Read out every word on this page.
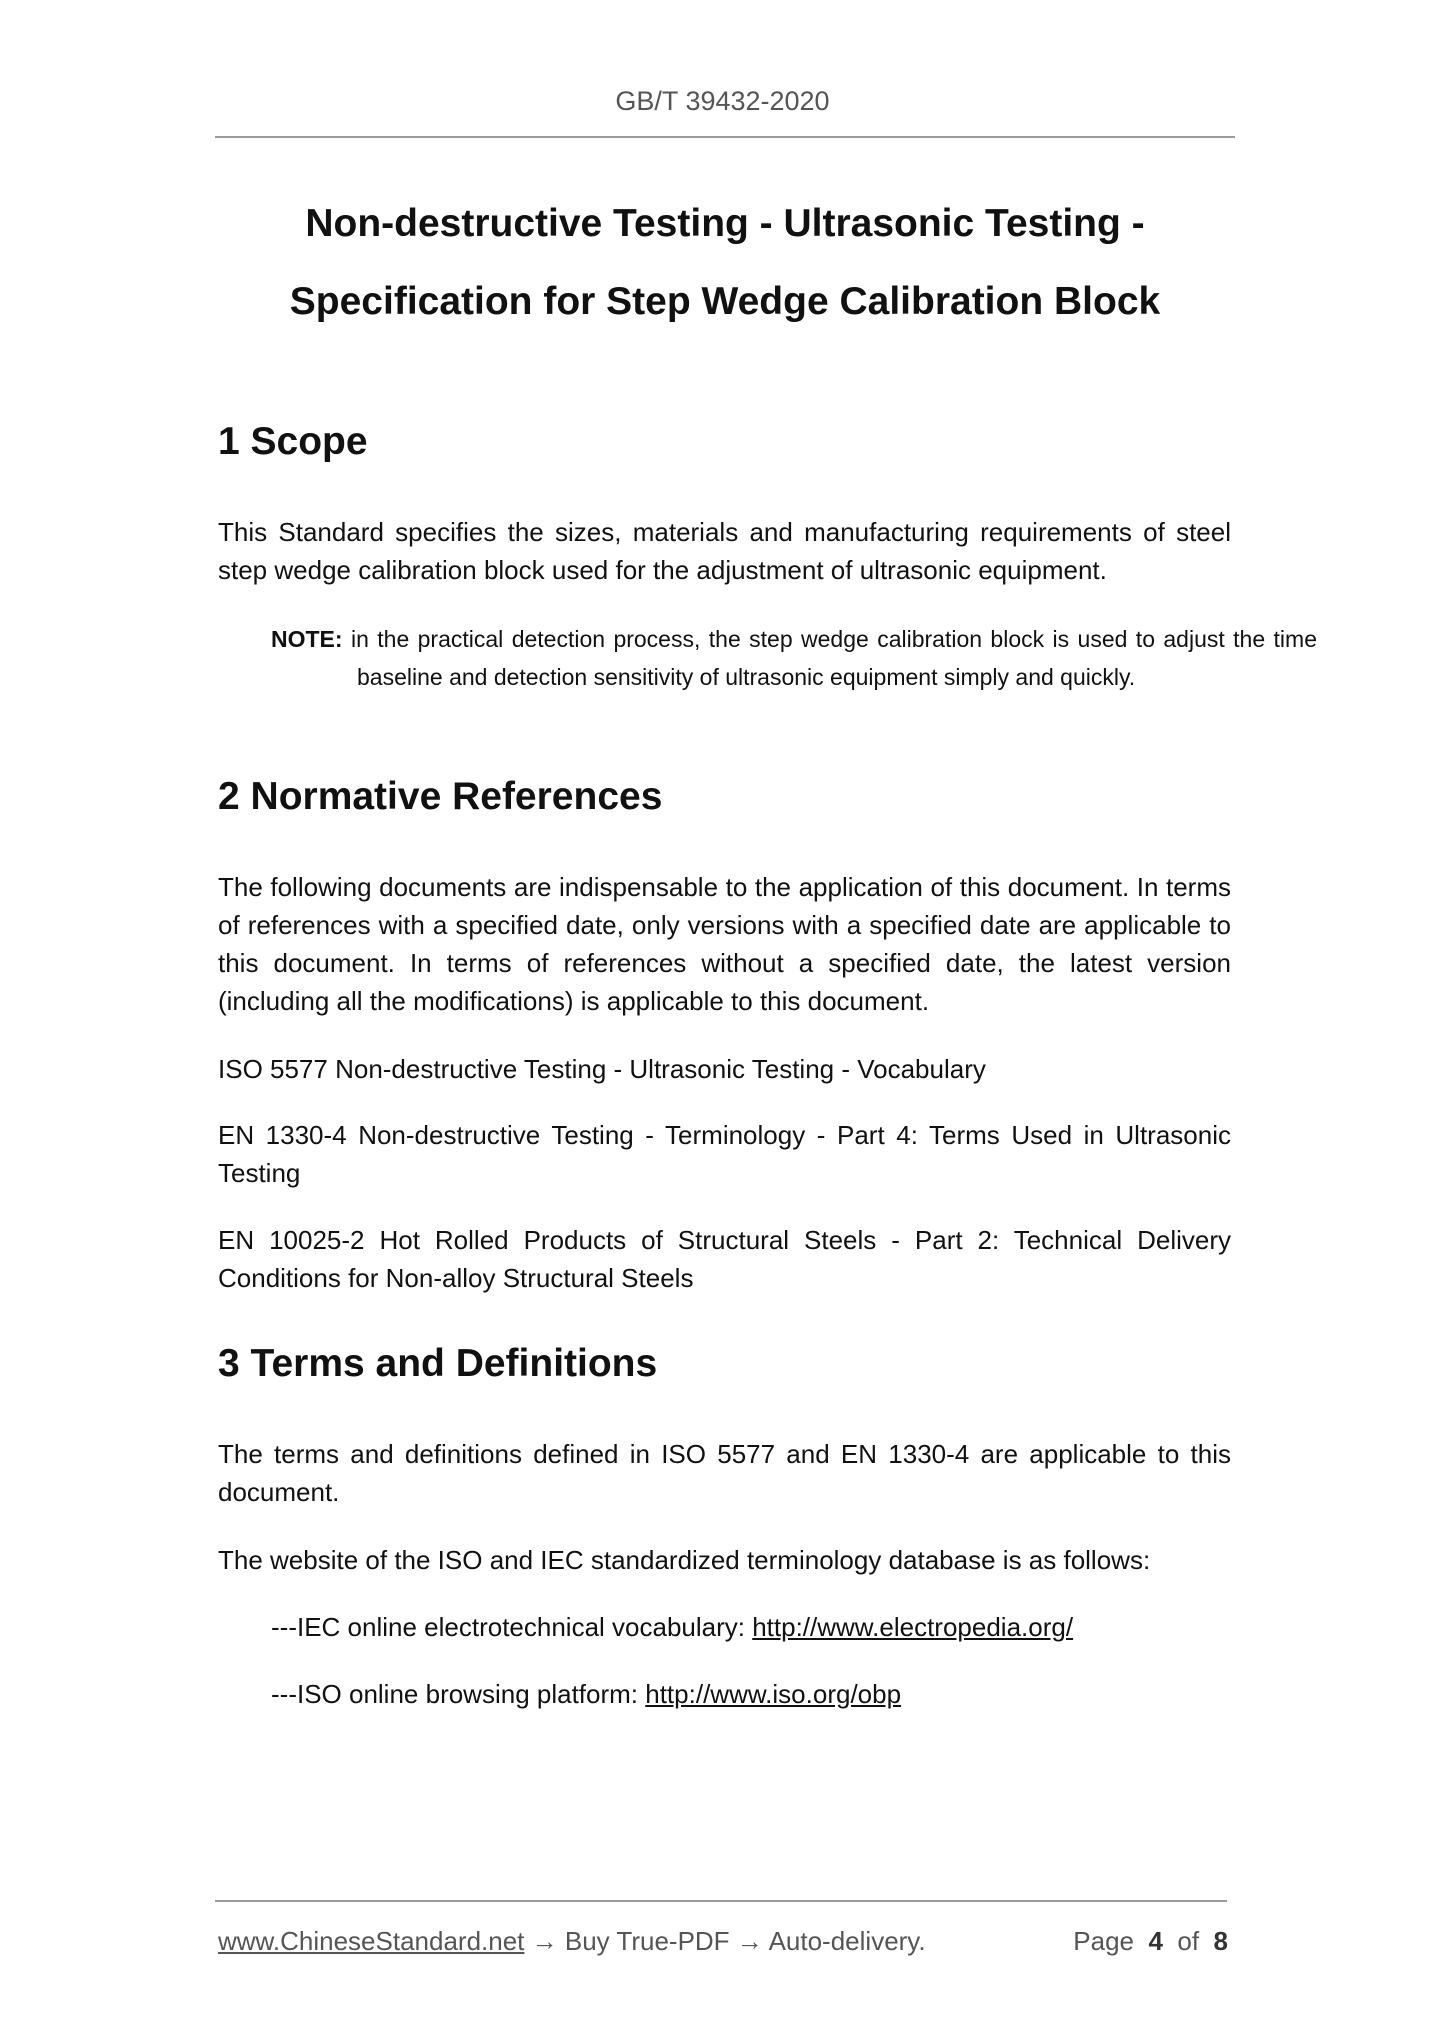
GB/T 39432-2020
Non-destructive Testing - Ultrasonic Testing -
Specification for Step Wedge Calibration Block
1 Scope
This Standard specifies the sizes, materials and manufacturing requirements of steel step wedge calibration block used for the adjustment of ultrasonic equipment.
NOTE: in the practical detection process, the step wedge calibration block is used to adjust the time baseline and detection sensitivity of ultrasonic equipment simply and quickly.
2 Normative References
The following documents are indispensable to the application of this document. In terms of references with a specified date, only versions with a specified date are applicable to this document. In terms of references without a specified date, the latest version (including all the modifications) is applicable to this document.
ISO 5577 Non-destructive Testing - Ultrasonic Testing - Vocabulary
EN 1330-4 Non-destructive Testing - Terminology - Part 4: Terms Used in Ultrasonic Testing
EN 10025-2 Hot Rolled Products of Structural Steels - Part 2: Technical Delivery Conditions for Non-alloy Structural Steels
3 Terms and Definitions
The terms and definitions defined in ISO 5577 and EN 1330-4 are applicable to this document.
The website of the ISO and IEC standardized terminology database is as follows:
---IEC online electrotechnical vocabulary: http://www.electropedia.org/
---ISO online browsing platform: http://www.iso.org/obp
www.ChineseStandard.net → Buy True-PDF → Auto-delivery.	Page 4 of 8
